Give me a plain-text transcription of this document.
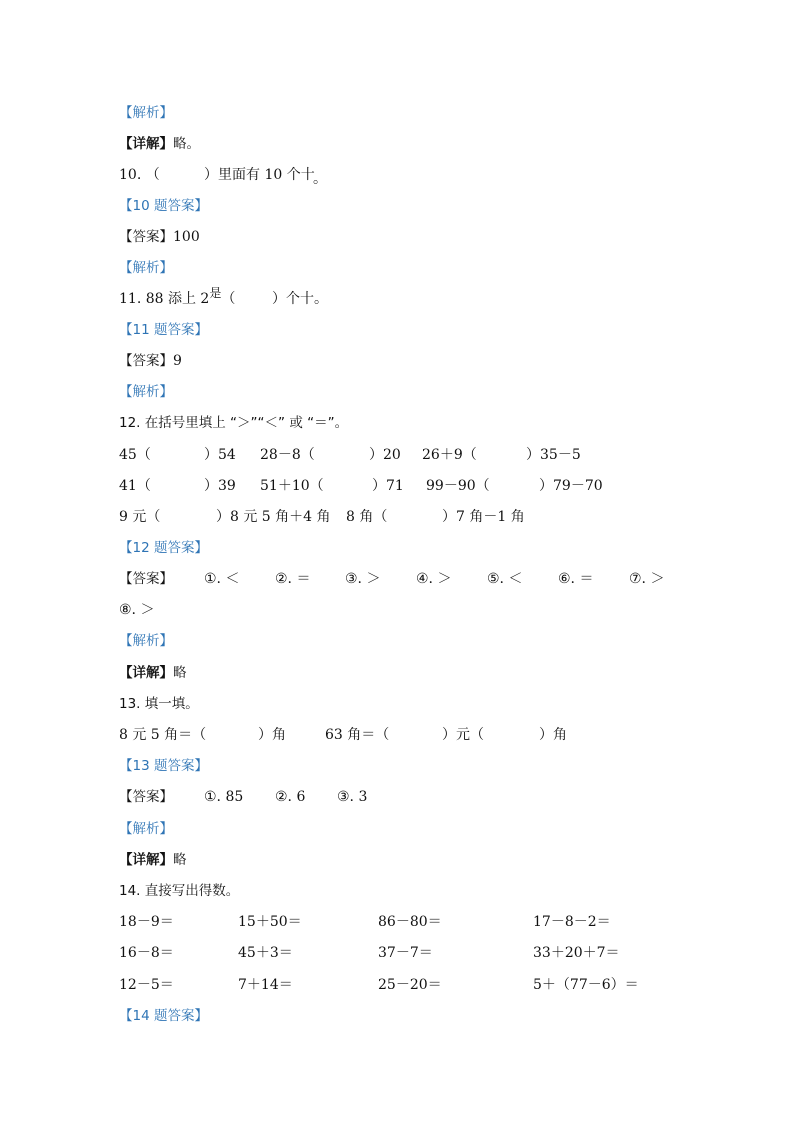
【解析】
【详解】略。
10. （	）里面有 10 个十
。
【10 题答案】
【答案】100
【解析】
11. 88 添上 2是（	）个十。
【11 题答案】
【答案】9
【解析】
12. 在括号里填上 “＞”“＜” 或 “＝”。
45（	）54 28－8（	）20 26＋9（	）35－5
41（	）39 51＋10（	）71 99－90（	）79－70
9 元（	）8 元 5 角＋4 角 8 角（	）7 角－1 角
【12 题答案】
【答案】 ①. ＜	②. ＝ ③. ＞	④. ＞	⑤. ＜	⑥. ＝	⑦. ＞
⑧. ＞
【解析】
【详解】略
13. 填一填。
8 元 5 角＝（	）角	63 角＝（	）元（	）角
【13 题答案】
【答案】 ①. 85 ②. 6 ③. 3
【解析】
【详解】略
14. 直接写出得数。
18－9＝	15＋50＝	86－80＝	17－8－2＝
16－8＝	45＋3＝	37－7＝	33＋20＋7＝
12－5＝	7＋14＝	25－20＝	5＋（77－6）＝
【14 题答案】
